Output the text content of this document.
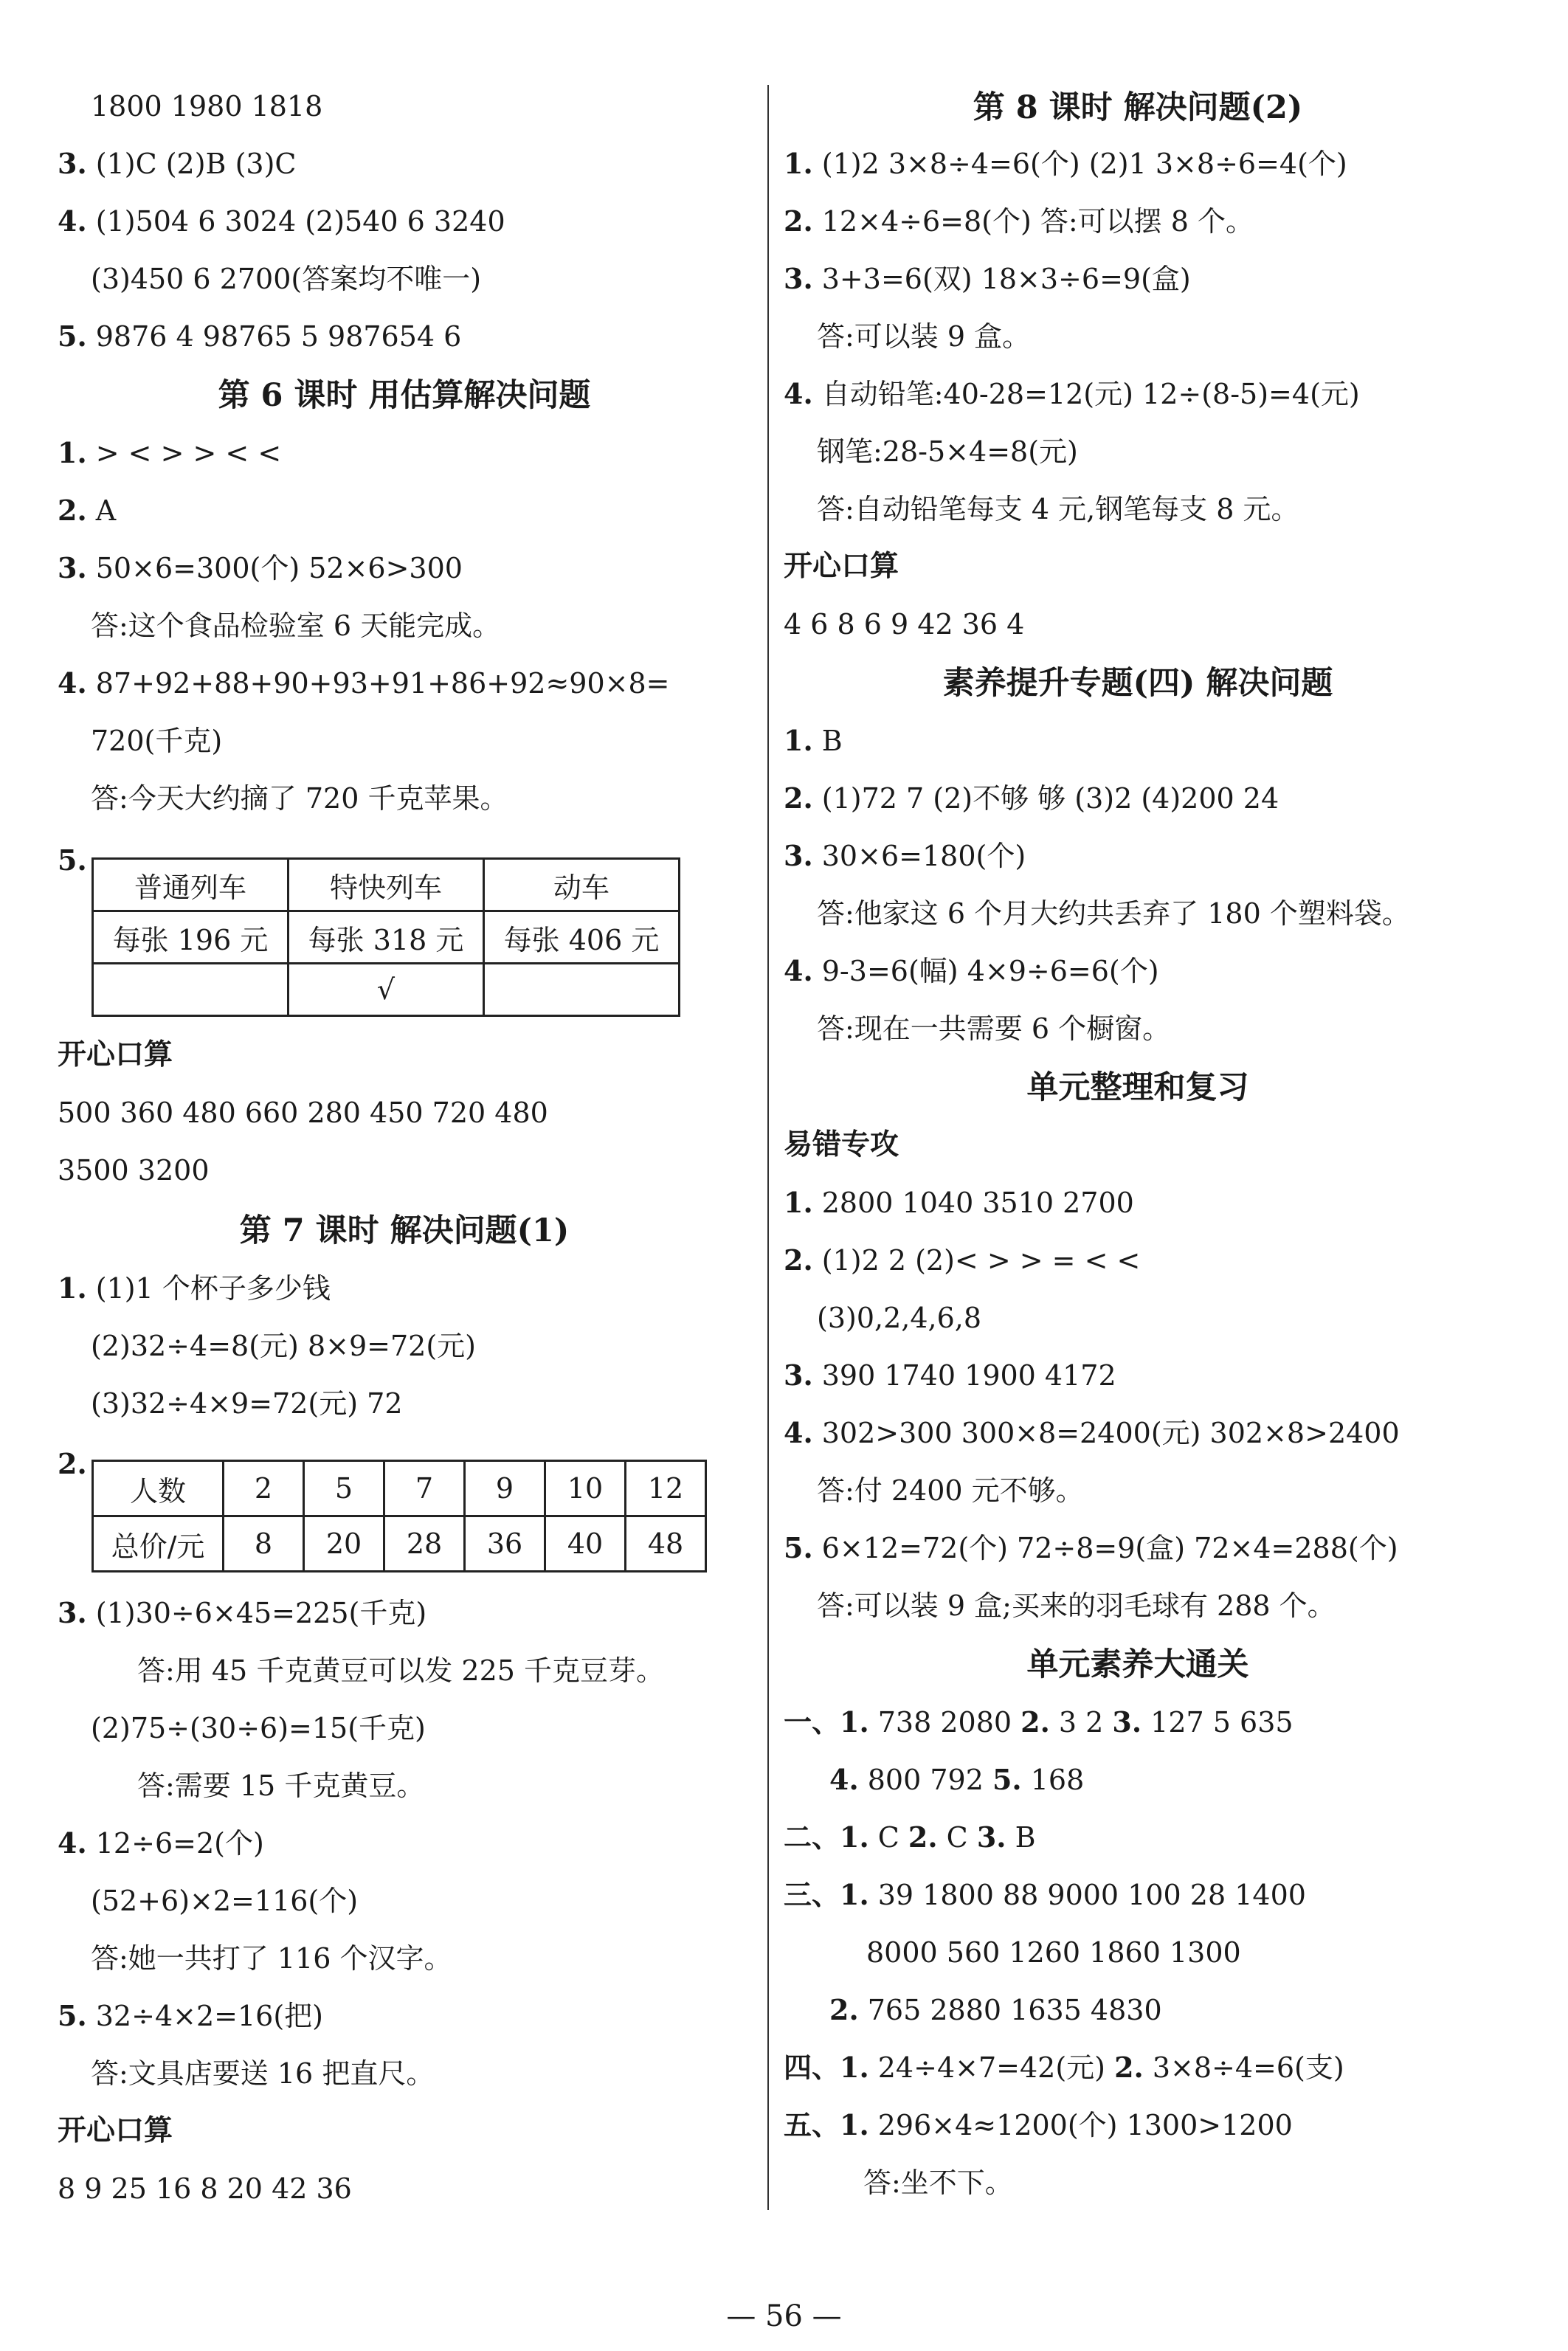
1800 1980 1818
3. (1)C (2)B (3)C
4. (1)504 6 3024 (2)540 6 3240
(3)450 6 2700(答案均不唯一)
5. 9876 4 98765 5 987654 6
第 6 课时 用估算解决问题
1. > < > > < <
2. A
3. 50×6=300(个) 52×6>300
答:这个食品检验室 6 天能完成。
4. 87+92+88+90+93+91+86+92≈90×8=
720(千克)
答:今天大约摘了 720 千克苹果。
5.
普通列车	特快列车	动车
每张 196 元	每张 318 元	每张 406 元
	√	
开心口算
500 360 480 660 280 450 720 480
3500 3200
第 7 课时 解决问题(1)
1. (1)1 个杯子多少钱
(2)32÷4=8(元) 8×9=72(元)
(3)32÷4×9=72(元) 72
2.
人数	2	5	7	9	10	12
总价/元	8	20	28	36	40	48
3. (1)30÷6×45=225(千克)
答:用 45 千克黄豆可以发 225 千克豆芽。
(2)75÷(30÷6)=15(千克)
答:需要 15 千克黄豆。
4. 12÷6=2(个)
(52+6)×2=116(个)
答:她一共打了 116 个汉字。
5. 32÷4×2=16(把)
答:文具店要送 16 把直尺。
开心口算
8 9 25 16 8 20 42 36
第 8 课时 解决问题(2)
1. (1)2 3×8÷4=6(个) (2)1 3×8÷6=4(个)
2. 12×4÷6=8(个) 答:可以摆 8 个。
3. 3+3=6(双) 18×3÷6=9(盒)
答:可以装 9 盒。
4. 自动铅笔:40-28=12(元) 12÷(8-5)=4(元)
钢笔:28-5×4=8(元)
答:自动铅笔每支 4 元,钢笔每支 8 元。
开心口算
4 6 8 6 9 42 36 4
素养提升专题(四) 解决问题
1. B
2. (1)72 7 (2)不够 够 (3)2 (4)200 24
3. 30×6=180(个)
答:他家这 6 个月大约共丢弃了 180 个塑料袋。
4. 9-3=6(幅) 4×9÷6=6(个)
答:现在一共需要 6 个橱窗。
单元整理和复习
易错专攻
1. 2800 1040 3510 2700
2. (1)2 2 (2)< > > = < <
(3)0,2,4,6,8
3. 390 1740 1900 4172
4. 302>300 300×8=2400(元) 302×8>2400
答:付 2400 元不够。
5. 6×12=72(个) 72÷8=9(盒) 72×4=288(个)
答:可以装 9 盒;买来的羽毛球有 288 个。
单元素养大通关
一、1. 738 2080 2. 3 2 3. 127 5 635
4. 800 792 5. 168
二、1. C 2. C 3. B
三、1. 39 1800 88 9000 100 28 1400
8000 560 1260 1860 1300
2. 765 2880 1635 4830
四、1. 24÷4×7=42(元) 2. 3×8÷4=6(支)
五、1. 296×4≈1200(个) 1300>1200
答:坐不下。
— 56 —
